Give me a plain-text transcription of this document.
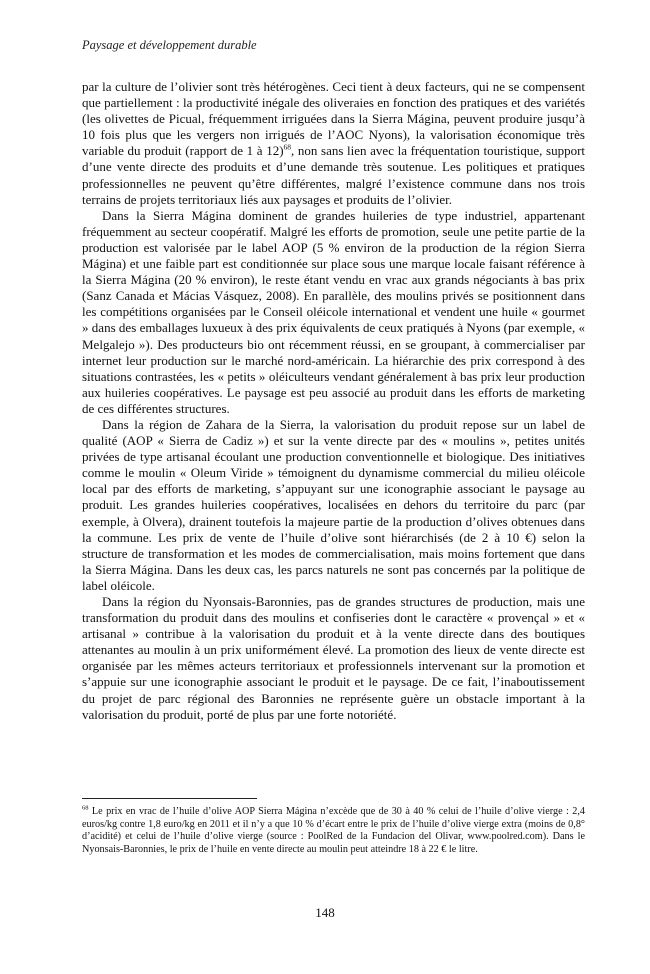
Paysage et développement durable

par la culture de l’olivier sont très hétérogènes. Ceci tient à deux facteurs, qui ne se compensent que partiellement : la productivité inégale des oliveraies en fonction des pratiques et des variétés (les olivettes de Picual, fréquemment irriguées dans la Sierra Mágina, peuvent produire jusqu’à 10 fois plus que les vergers non irrigués de l’AOC Nyons), la valorisation économique très variable du produit (rapport de 1 à 12)$^{68}$, non sans lien avec la fréquentation touristique, support d’une vente directe des produits et d’une demande très soutenue. Les politiques et pratiques professionnelles ne peuvent qu’être différentes, malgré l’existence commune dans nos trois terrains de projets territoriaux liés aux paysages et produits de l’olivier.

Dans la Sierra Mágina dominent de grandes huileries de type industriel, appartenant fréquemment au secteur coopératif. Malgré les efforts de promotion, seule une petite partie de la production est valorisée par le label AOP (5 % environ de la production de la région Sierra Mágina) et une faible part est conditionnée sur place sous une marque locale faisant référence à la Sierra Mágina (20 % environ), le reste étant vendu en vrac aux grands négociants à bas prix (Sanz Canada et Mácias Vásquez, 2008). En parallèle, des moulins privés se positionnent dans les compétitions organisées par le Conseil oléicole international et vendent une huile « gourmet » dans des emballages luxueux à des prix équivalents de ceux pratiqués à Nyons (par exemple, « Melgalejo »). Des producteurs bio ont récemment réussi, en se groupant, à commercialiser par internet leur production sur le marché nord-américain. La hiérarchie des prix correspond à des situations contrastées, les « petits » oléiculteurs vendant généralement à bas prix leur production aux huileries coopératives. Le paysage est peu associé au produit dans les efforts de marketing de ces différentes structures.

Dans la région de Zahara de la Sierra, la valorisation du produit repose sur un label de qualité (AOP « Sierra de Cadiz ») et sur la vente directe par des « moulins », petites unités privées de type artisanal écoulant une production conventionnelle et biologique. Des initiatives comme le moulin « Oleum Viride » témoignent du dynamisme commercial du milieu oléicole local par des efforts de marketing, s’appuyant sur une iconographie associant le paysage au produit. Les grandes huileries coopératives, localisées en dehors du territoire du parc (par exemple, à Olvera), drainent toutefois la majeure partie de la production d’olives obtenues dans la commune. Les prix de vente de l’huile d’olive sont hiérarchisés (de 2 à 10 €) selon la structure de transformation et les modes de commercialisation, mais moins fortement que dans la Sierra Mágina. Dans les deux cas, les parcs naturels ne sont pas concernés par la politique de label oléicole.

Dans la région du Nyonsais-Baronnies, pas de grandes structures de production, mais une transformation du produit dans des moulins et confiseries dont le caractère « provençal » et « artisanal » contribue à la valorisation du produit et à la vente directe dans des boutiques attenantes au moulin à un prix uniformément élevé. La promotion des lieux de vente directe est organisée par les mêmes acteurs territoriaux et professionnels intervenant sur la promotion et s’appuie sur une iconographie associant le produit et le paysage. De ce fait, l’inaboutissement du projet de parc régional des Baronnies ne représente guère un obstacle important à la valorisation du produit, porté de plus par une forte notoriété.

$^{68}$ Le prix en vrac de l’huile d’olive AOP Sierra Mágina n’excède que de 30 à 40 % celui de l’huile d’olive vierge : 2,4 euros/kg contre 1,8 euro/kg en 2011 et il n’y a que 10 % d’écart entre le prix de l’huile d’olive vierge extra (moins de 0,8° d’acidité) et celui de l’huile d’olive vierge (source : PoolRed de la Fundacion del Olivar, www.poolred.com). Dans le Nyonsais-Baronnies, le prix de l’huile en vente directe au moulin peut atteindre 18 à 22 € le litre.
148
